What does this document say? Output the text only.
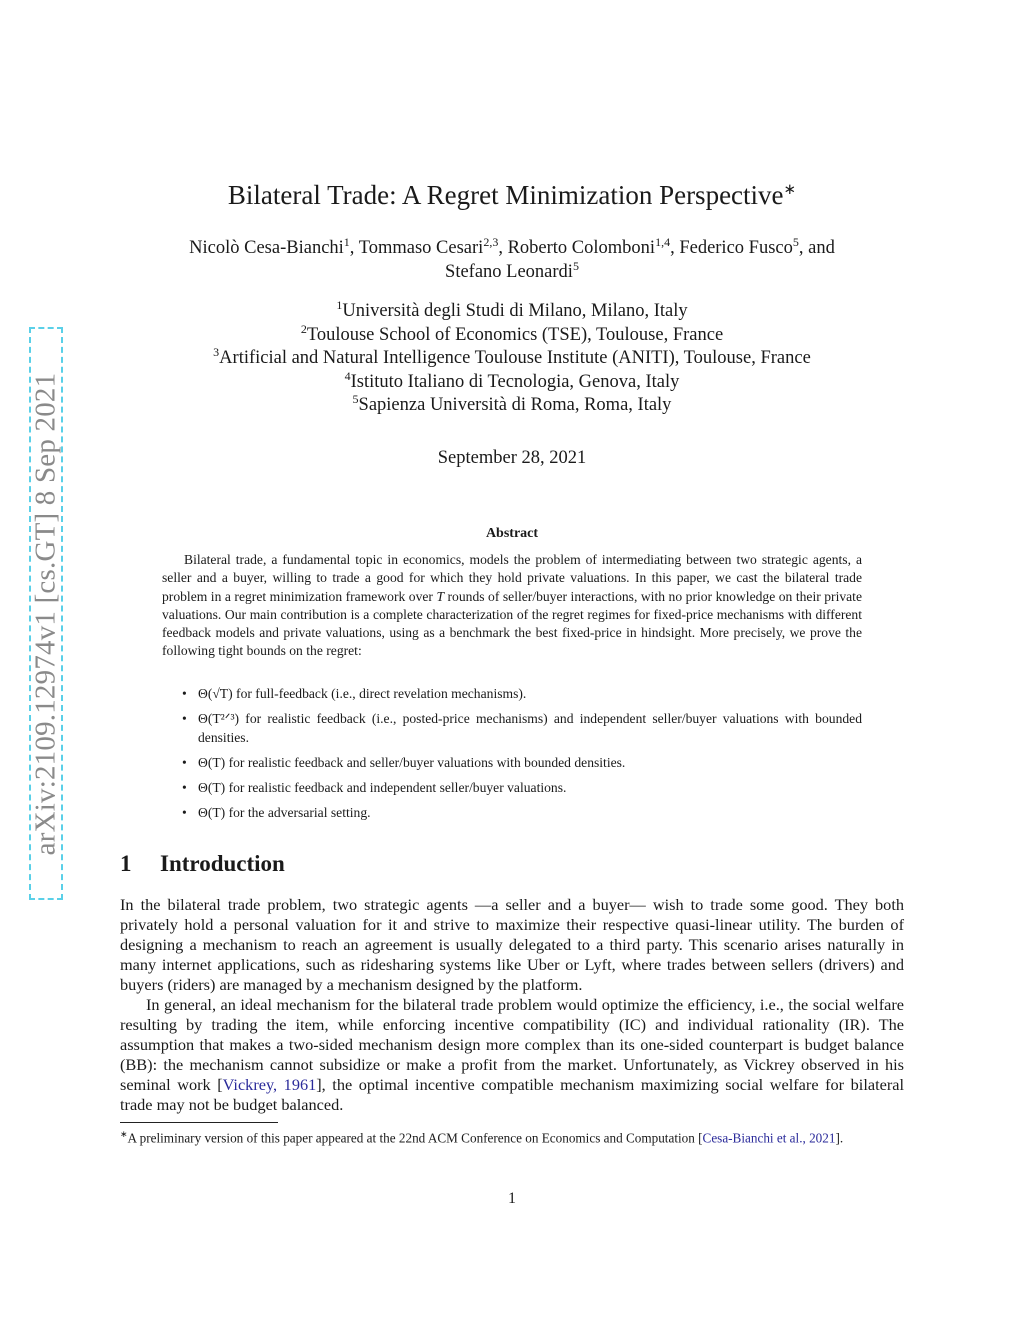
arXiv:2109.12974v1 [cs.GT] 8 Sep 2021
Bilateral Trade: A Regret Minimization Perspective∗
Nicolò Cesa-Bianchi$^1$, Tommaso Cesari$^{2,3}$, Roberto Colomboni$^{1,4}$, Federico Fusco$^5$, and
Stefano Leonardi$^5$
$^1$Università degli Studi di Milano, Milano, Italy
$^2$Toulouse School of Economics (TSE), Toulouse, France
$^3$Artificial and Natural Intelligence Toulouse Institute (ANITI), Toulouse, France
$^4$Istituto Italiano di Tecnologia, Genova, Italy
$^5$Sapienza Università di Roma, Roma, Italy
September 28, 2021
Abstract

Bilateral trade, a fundamental topic in economics, models the problem of intermediating between two strategic agents, a seller and a buyer, willing to trade a good for which they hold private valuations. In this paper, we cast the bilateral trade problem in a regret minimization framework over T rounds of seller/buyer interactions, with no prior knowledge on their private valuations. Our main contribution is a complete characterization of the regret regimes for fixed-price mechanisms with different feedback models and private valuations, using as a benchmark the best fixed-price in hindsight. More precisely, we prove the following tight bounds on the regret:

• Θ(√T) for full-feedback (i.e., direct revelation mechanisms).
• Θ(T²ᐟ³) for realistic feedback (i.e., posted-price mechanisms) and independent seller/buyer valuations with bounded densities.
• Θ(T) for realistic feedback and seller/buyer valuations with bounded densities.
• Θ(T) for realistic feedback and independent seller/buyer valuations.
• Θ(T) for the adversarial setting.
1 Introduction

In the bilateral trade problem, two strategic agents —a seller and a buyer— wish to trade some good. They both privately hold a personal valuation for it and strive to maximize their respective quasi-linear utility. The burden of designing a mechanism to reach an agreement is usually delegated to a third party. This scenario arises naturally in many internet applications, such as ridesharing systems like Uber or Lyft, where trades between sellers (drivers) and buyers (riders) are managed by a mechanism designed by the platform.

In general, an ideal mechanism for the bilateral trade problem would optimize the efficiency, i.e., the social welfare resulting by trading the item, while enforcing incentive compatibility (IC) and individual rationality (IR). The assumption that makes a two-sided mechanism design more complex than its one-sided counterpart is budget balance (BB): the mechanism cannot subsidize or make a profit from the market. Unfortunately, as Vickrey observed in his seminal work [Vickrey, 1961], the optimal incentive compatible mechanism maximizing social welfare for bilateral trade may not be budget balanced.

∗A preliminary version of this paper appeared at the 22nd ACM Conference on Economics and Computation [Cesa-Bianchi et al., 2021].
1
